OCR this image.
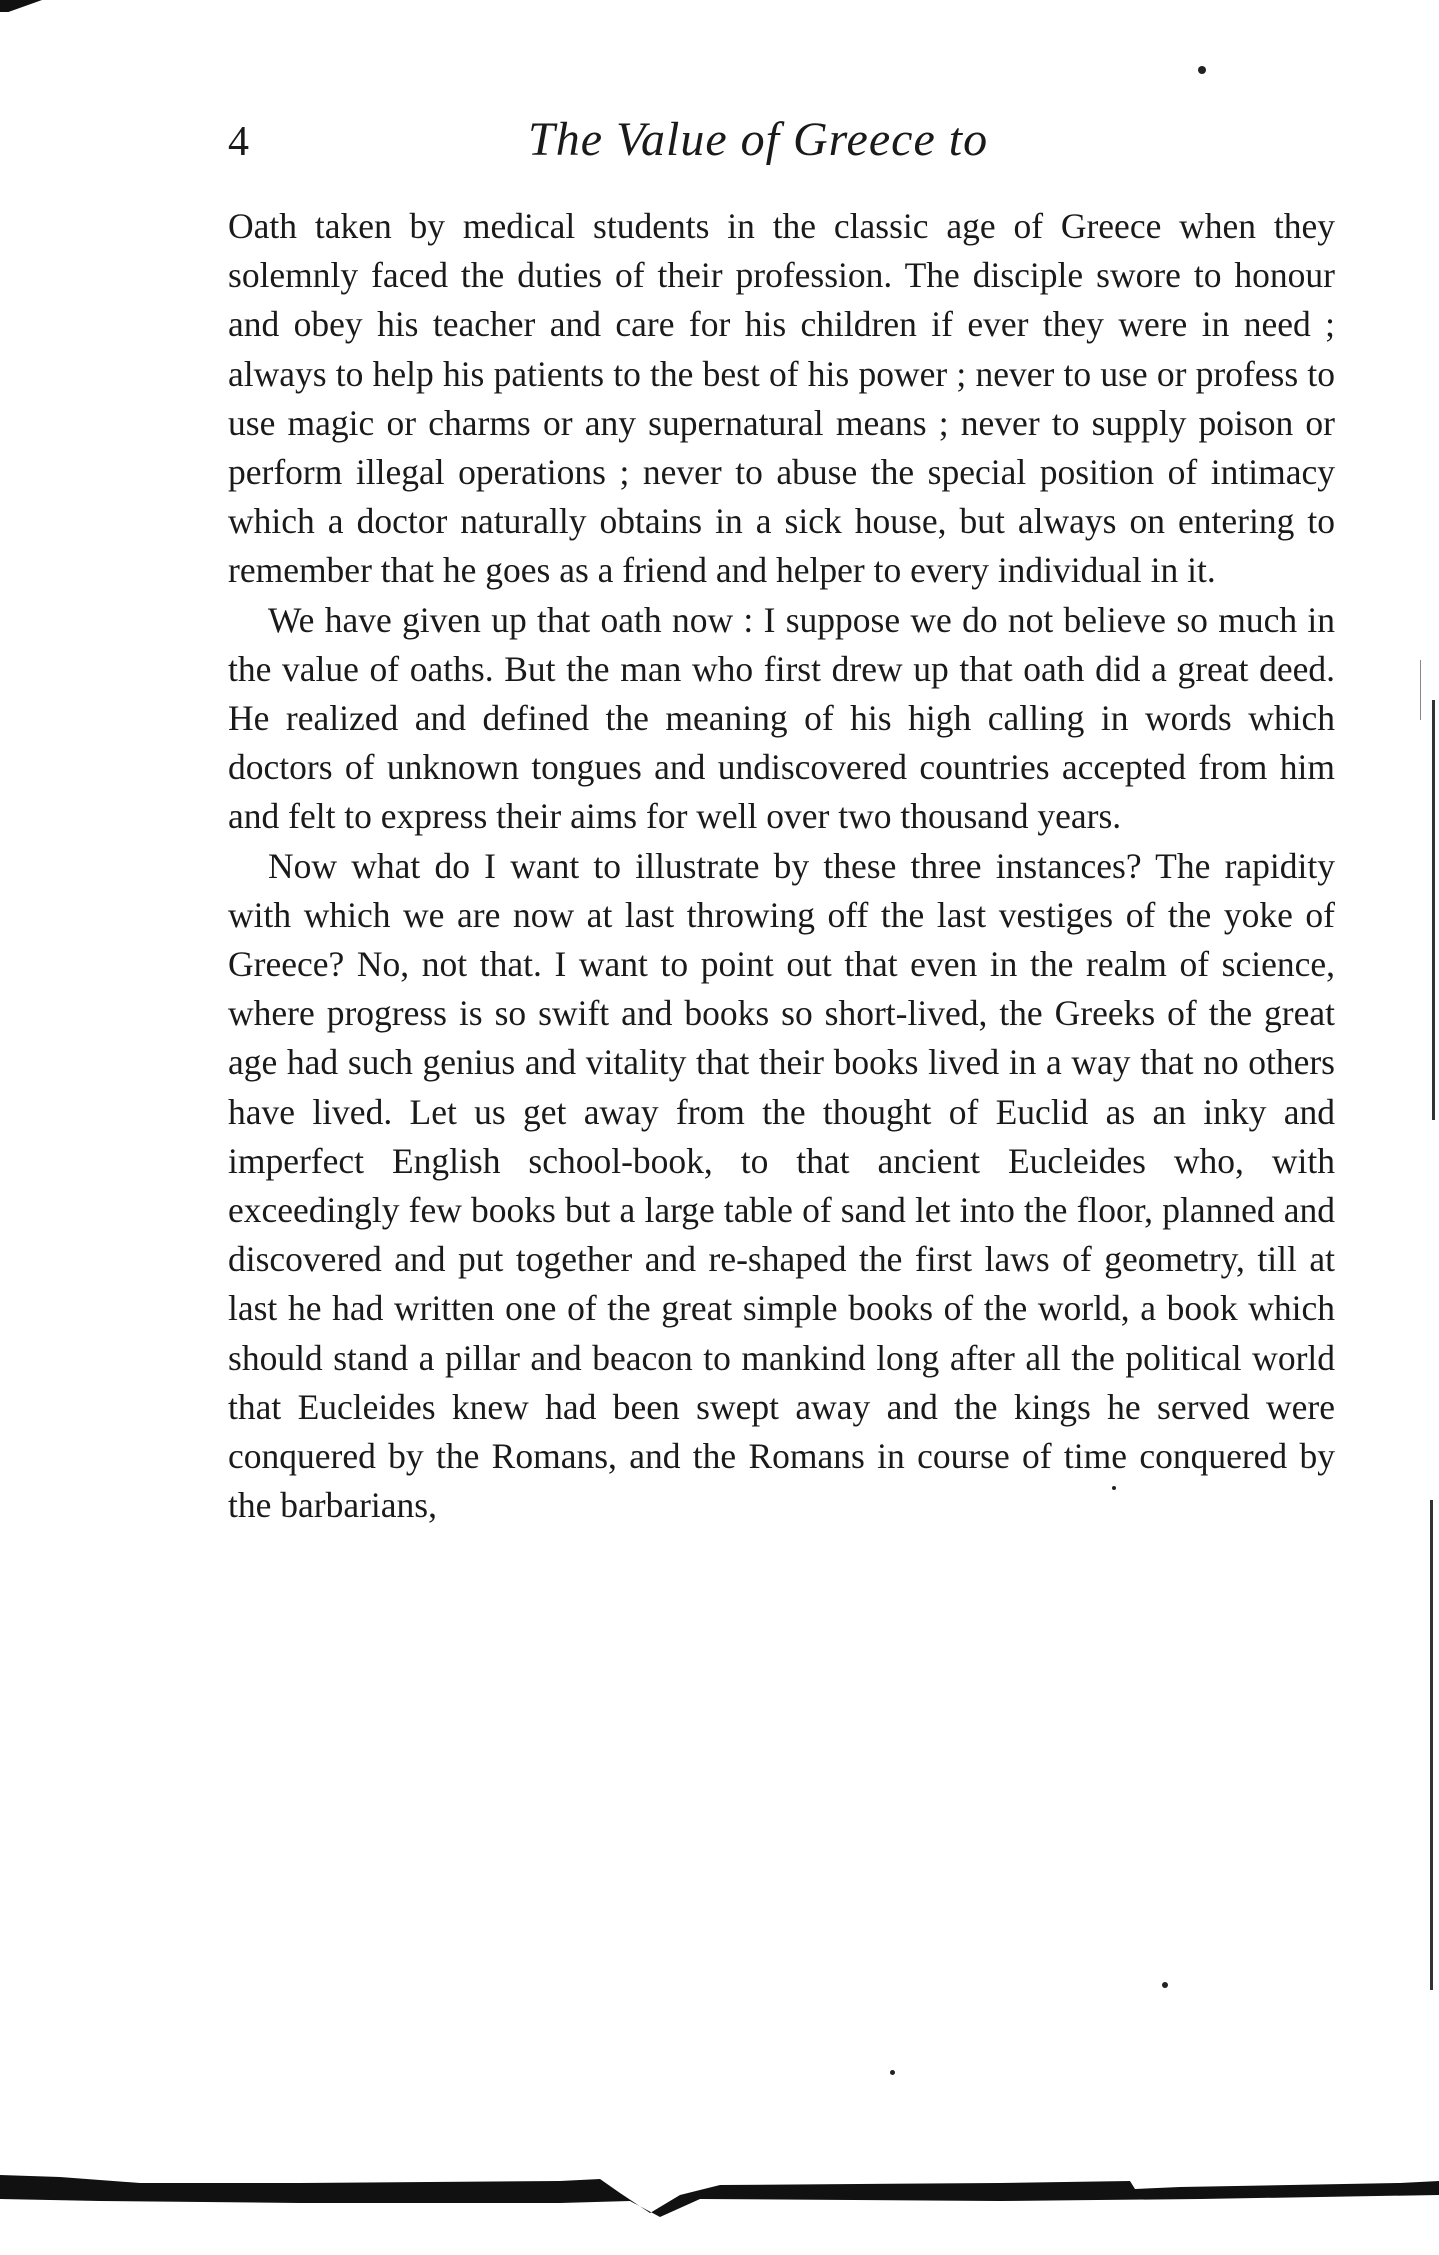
4	The Value of Greece to

Oath taken by medical students in the classic age of Greece when they solemnly faced the duties of their profession. The disciple swore to honour and obey his teacher and care for his children if ever they were in need ; always to help his patients to the best of his power ; never to use or profess to use magic or charms or any supernatural means ; never to supply poison or perform illegal operations ; never to abuse the special position of intimacy which a doctor naturally obtains in a sick house, but always on entering to remember that he goes as a friend and helper to every individual in it.

We have given up that oath now : I suppose we do not believe so much in the value of oaths. But the man who first drew up that oath did a great deed. He realized and defined the meaning of his high calling in words which doctors of unknown tongues and undiscovered countries accepted from him and felt to express their aims for well over two thousand years.

Now what do I want to illustrate by these three instances? The rapidity with which we are now at last throwing off the last vestiges of the yoke of Greece? No, not that. I want to point out that even in the realm of science, where progress is so swift and books so short-lived, the Greeks of the great age had such genius and vitality that their books lived in a way that no others have lived. Let us get away from the thought of Euclid as an inky and imperfect English school-book, to that ancient Eucleides who, with exceedingly few books but a large table of sand let into the floor, planned and discovered and put together and re-shaped the first laws of geometry, till at last he had written one of the great simple books of the world, a book which should stand a pillar and beacon to mankind long after all the political world that Eucleides knew had been swept away and the kings he served were conquered by the Romans, and the Romans in course of time conquered by the barbarians,
